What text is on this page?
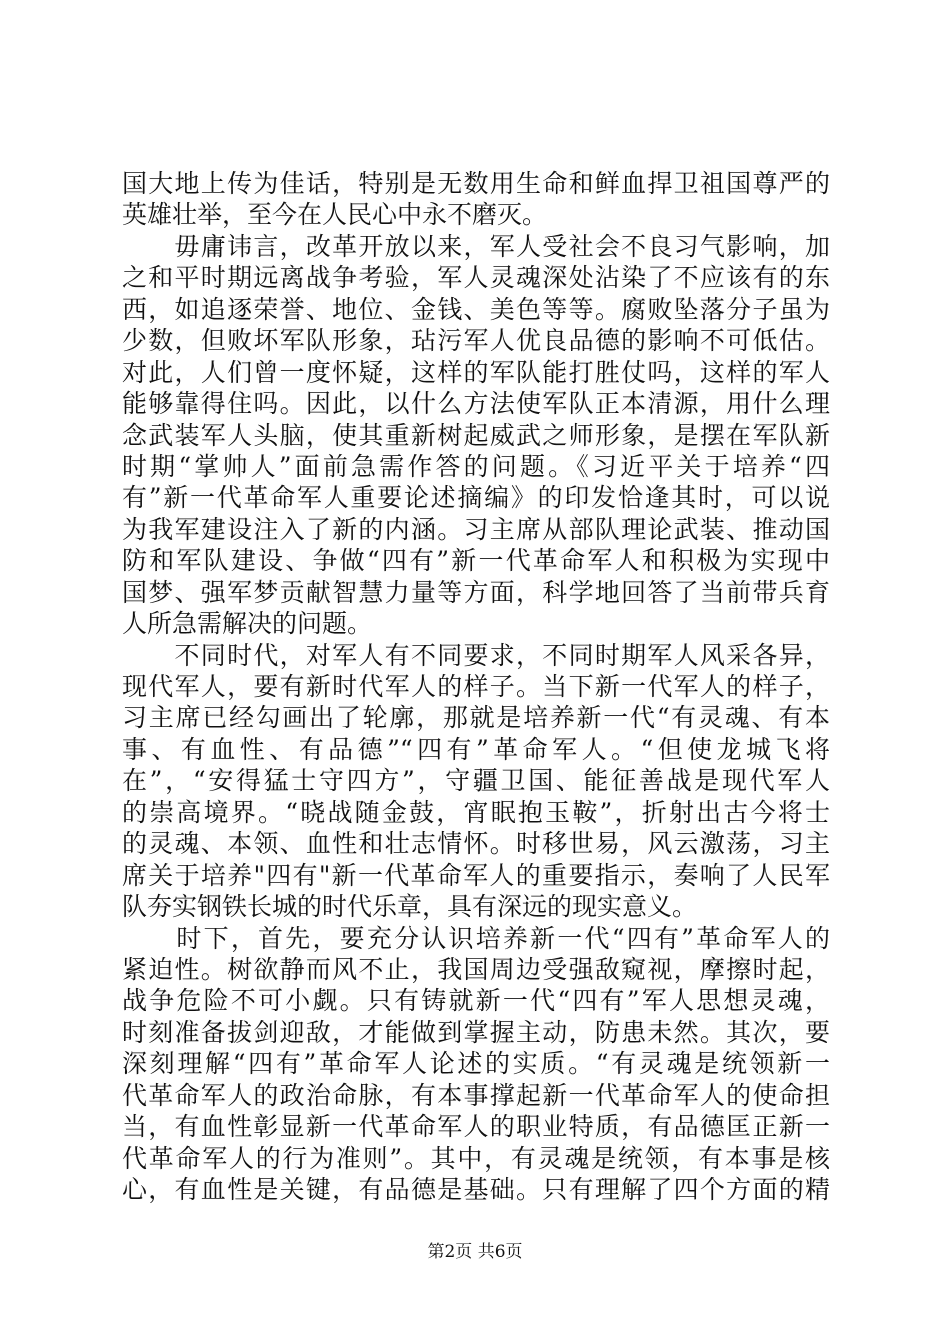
国大地上传为佳话，特别是无数用生命和鲜血捍卫祖国尊严的
英雄壮举，至今在人民心中永不磨灭。
　　毋庸讳言，改革开放以来，军人受社会不良习气影响，加
之和平时期远离战争考验，军人灵魂深处沾染了不应该有的东
西，如追逐荣誉、地位、金钱、美色等等。腐败坠落分子虽为
少数，但败坏军队形象，玷污军人优良品德的影响不可低估。
对此，人们曾一度怀疑，这样的军队能打胜仗吗，这样的军人
能够靠得住吗。因此，以什么方法使军队正本清源，用什么理
念武装军人头脑，使其重新树起威武之师形象，是摆在军队新
时期“掌帅人”面前急需作答的问题。《习近平关于培养“四
有”新一代革命军人重要论述摘编》的印发恰逢其时，可以说
为我军建设注入了新的内涵。习主席从部队理论武装、推动国
防和军队建设、争做“四有”新一代革命军人和积极为实现中
国梦、强军梦贡献智慧力量等方面，科学地回答了当前带兵育
人所急需解决的问题。
　　不同时代，对军人有不同要求，不同时期军人风采各异，
现代军人，要有新时代军人的样子。当下新一代军人的样子，
习主席已经勾画出了轮廓，那就是培养新一代“有灵魂、有本
事、有血性、有品德”“四有”革命军人。“但使龙城飞将
在”，“安得猛士守四方”，守疆卫国、能征善战是现代军人
的崇高境界。“晓战随金鼓，宵眠抱玉鞍”，折射出古今将士
的灵魂、本领、血性和壮志情怀。时移世易，风云激荡，习主
席关于培养"四有"新一代革命军人的重要指示，奏响了人民军
队夯实钢铁长城的时代乐章，具有深远的现实意义。
　　时下，首先，要充分认识培养新一代“四有”革命军人的
紧迫性。树欲静而风不止，我国周边受强敌窥视，摩擦时起，
战争危险不可小觑。只有铸就新一代“四有”军人思想灵魂，
时刻准备拔剑迎敌，才能做到掌握主动，防患未然。其次，要
深刻理解“四有”革命军人论述的实质。“有灵魂是统领新一
代革命军人的政治命脉，有本事撑起新一代革命军人的使命担
当，有血性彰显新一代革命军人的职业特质，有品德匡正新一
代革命军人的行为准则”。其中，有灵魂是统领，有本事是核
心，有血性是关键，有品德是基础。只有理解了四个方面的精
第2页 共6页
